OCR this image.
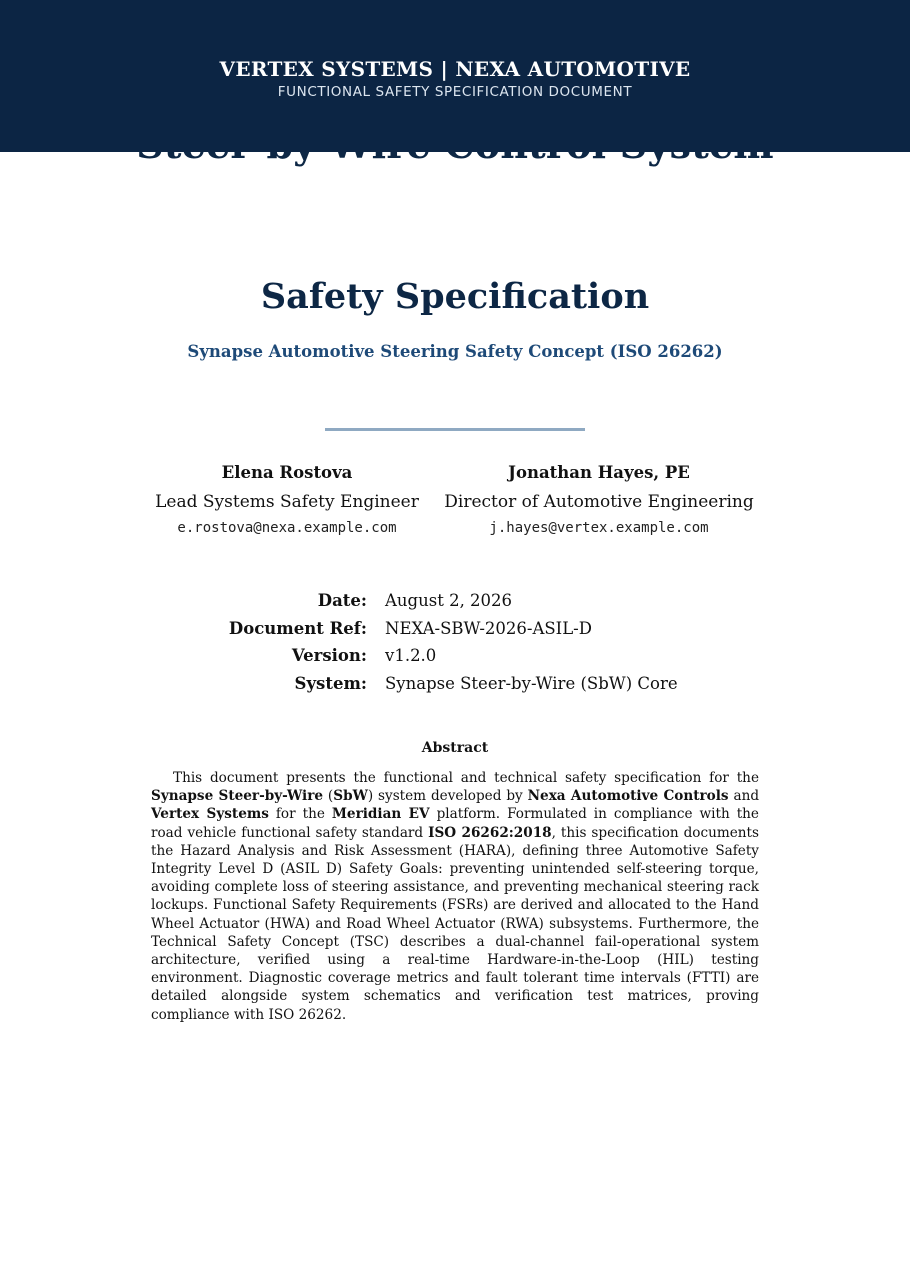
VERTEX SYSTEMS | NEXA AUTOMOTIVE
FUNCTIONAL SAFETY SPECIFICATION DOCUMENT
Safety Specification
Synapse Automotive Steering Safety Concept (ISO 26262)
Elena Rostova
Lead Systems Safety Engineer
e.rostova@nexa.example.com
Jonathan Hayes, PE
Director of Automotive Engineering
j.hayes@vertex.example.com
Date: August 2, 2026
Document Ref: NEXA-SBW-2026-ASIL-D
Version: v1.2.0
System: Synapse Steer-by-Wire (SbW) Core
Abstract

This document presents the functional and technical safety specification for the Synapse Steer-by-Wire (SbW) system developed by Nexa Automotive Controls and Vertex Systems for the Meridian EV platform. Formulated in compliance with the road vehicle functional safety standard ISO 26262:2018, this specification documents the Hazard Analysis and Risk Assessment (HARA), defining three Automotive Safety Integrity Level D (ASIL D) Safety Goals: preventing unintended self-steering torque, avoiding complete loss of steering assistance, and preventing mechanical steering rack lockups. Functional Safety Requirements (FSRs) are derived and allocated to the Hand Wheel Actuator (HWA) and Road Wheel Actuator (RWA) subsystems. Furthermore, the Technical Safety Concept (TSC) describes a dual-channel fail-operational system architecture, verified using a real-time Hardware-in-the-Loop (HIL) testing environment. Diagnostic coverage metrics and fault tolerant time intervals (FTTI) are detailed alongside system schematics and verification test matrices, proving compliance with ISO 26262.
